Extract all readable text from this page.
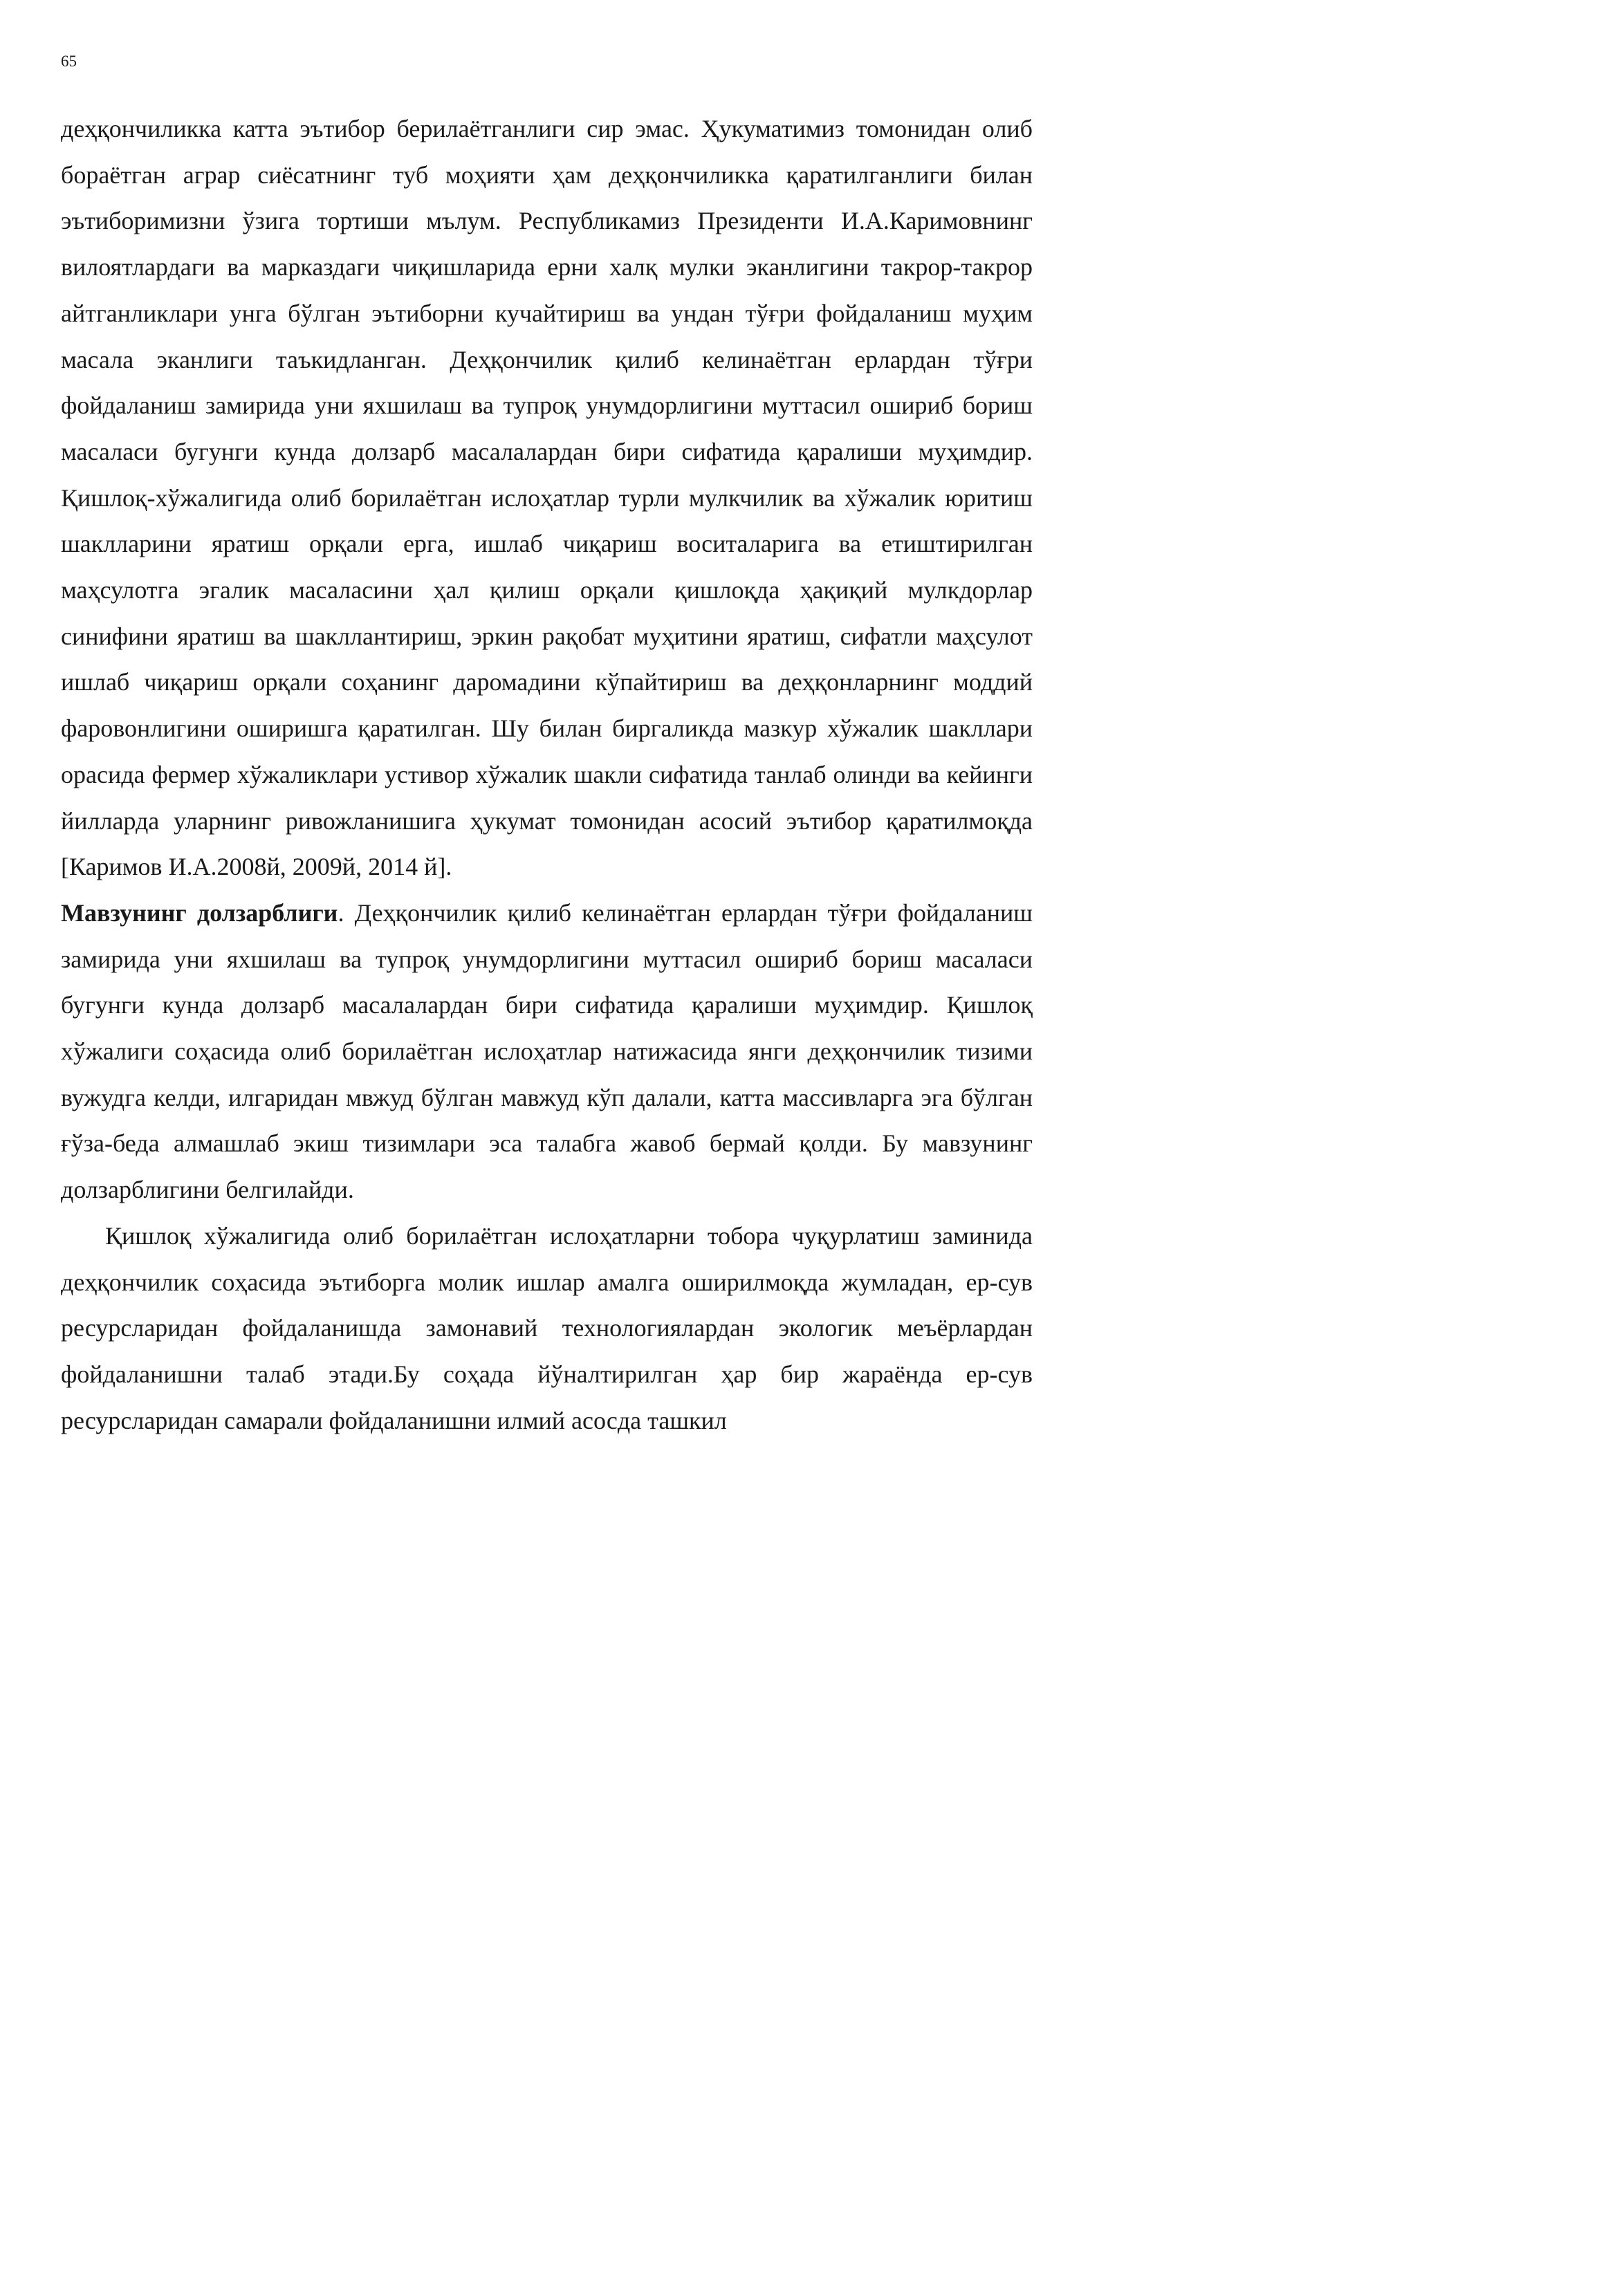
65

деҳқончиликка катта эътибор берилаётганлиги сир эмас. Ҳукуматимиз томонидан олиб бораётган аграр сиёсатнинг туб моҳияти ҳам деҳқончиликка қаратилганлиги билан эътиборимизни ўзига тортиши мълум. Республикамиз Президенти И.А.Каримовнинг вилоятлардаги ва марказдаги чиқишларида ерни халқ мулки эканлигини такрор-такрор айтганликлари унга бўлган эътиборни кучайтириш ва ундан тўғри фойдаланиш муҳим масала эканлиги таъкидланган. Деҳқончилик қилиб келинаётган ерлардан тўғри фойдаланиш замирида уни яхшилаш ва тупроқ унумдорлигини муттасил ошириб бориш масаласи бугунги кунда долзарб масалалардан бири сифатида қаралиши муҳимдир. Қишлоқ-хўжалигида олиб борилаётган ислоҳатлар турли мулкчилик ва хўжалик юритиш шаклларини яратиш орқали ерга, ишлаб чиқариш воситаларига ва етиштирилган маҳсулотга эгалик масаласини ҳал қилиш орқали қишлоқда ҳақиқий мулкдорлар синифини яратиш ва шакллантириш, эркин рақобат муҳитини яратиш, сифатли маҳсулот ишлаб чиқариш орқали соҳанинг даромадини кўпайтириш ва деҳқонларнинг моддий фаровонлигини оширишга қаратилган. Шу билан биргаликда мазкур хўжалик шакллари орасида фермер хўжаликлари устивор хўжалик шакли сифатида танлаб олинди ва кейинги йилларда уларнинг ривожланишига ҳукумат томонидан асосий эътибор қаратилмоқда [Каримов И.А.2008й, 2009й, 2014 й].

Мавзунинг долзарблиги. Деҳқончилик қилиб келинаётган ерлардан тўғри фойдаланиш замирида уни яхшилаш ва тупроқ унумдорлигини муттасил ошириб бориш масаласи бугунги кунда долзарб масалалардан бири сифатида қаралиши муҳимдир. Қишлоқ хўжалиги соҳасида олиб борилаётган ислоҳатлар натижасида янги деҳқончилик тизими вужудга келди, илгаридан мвжуд бўлган мавжуд кўп далали, катта массивларга эга бўлган ғўза-беда алмашлаб экиш тизимлари эса талабга жавоб бермай қолди. Бу мавзунинг долзарблигини белгилайди.

Қишлоқ хўжалигида олиб борилаётган ислоҳатларни тобора чуқурлатиш заминида деҳқончилик соҳасида эътиборга молик ишлар амалга оширилмоқда жумладан, ер-сув ресурсларидан фойдаланишда замонавий технологиялардан экологик меъёрлардан фойдаланишни талаб этади.Бу соҳада йўналтирилган ҳар бир жараёнда ер-сув ресурсларидан самарали фойдаланишни илмий асосда ташкил
